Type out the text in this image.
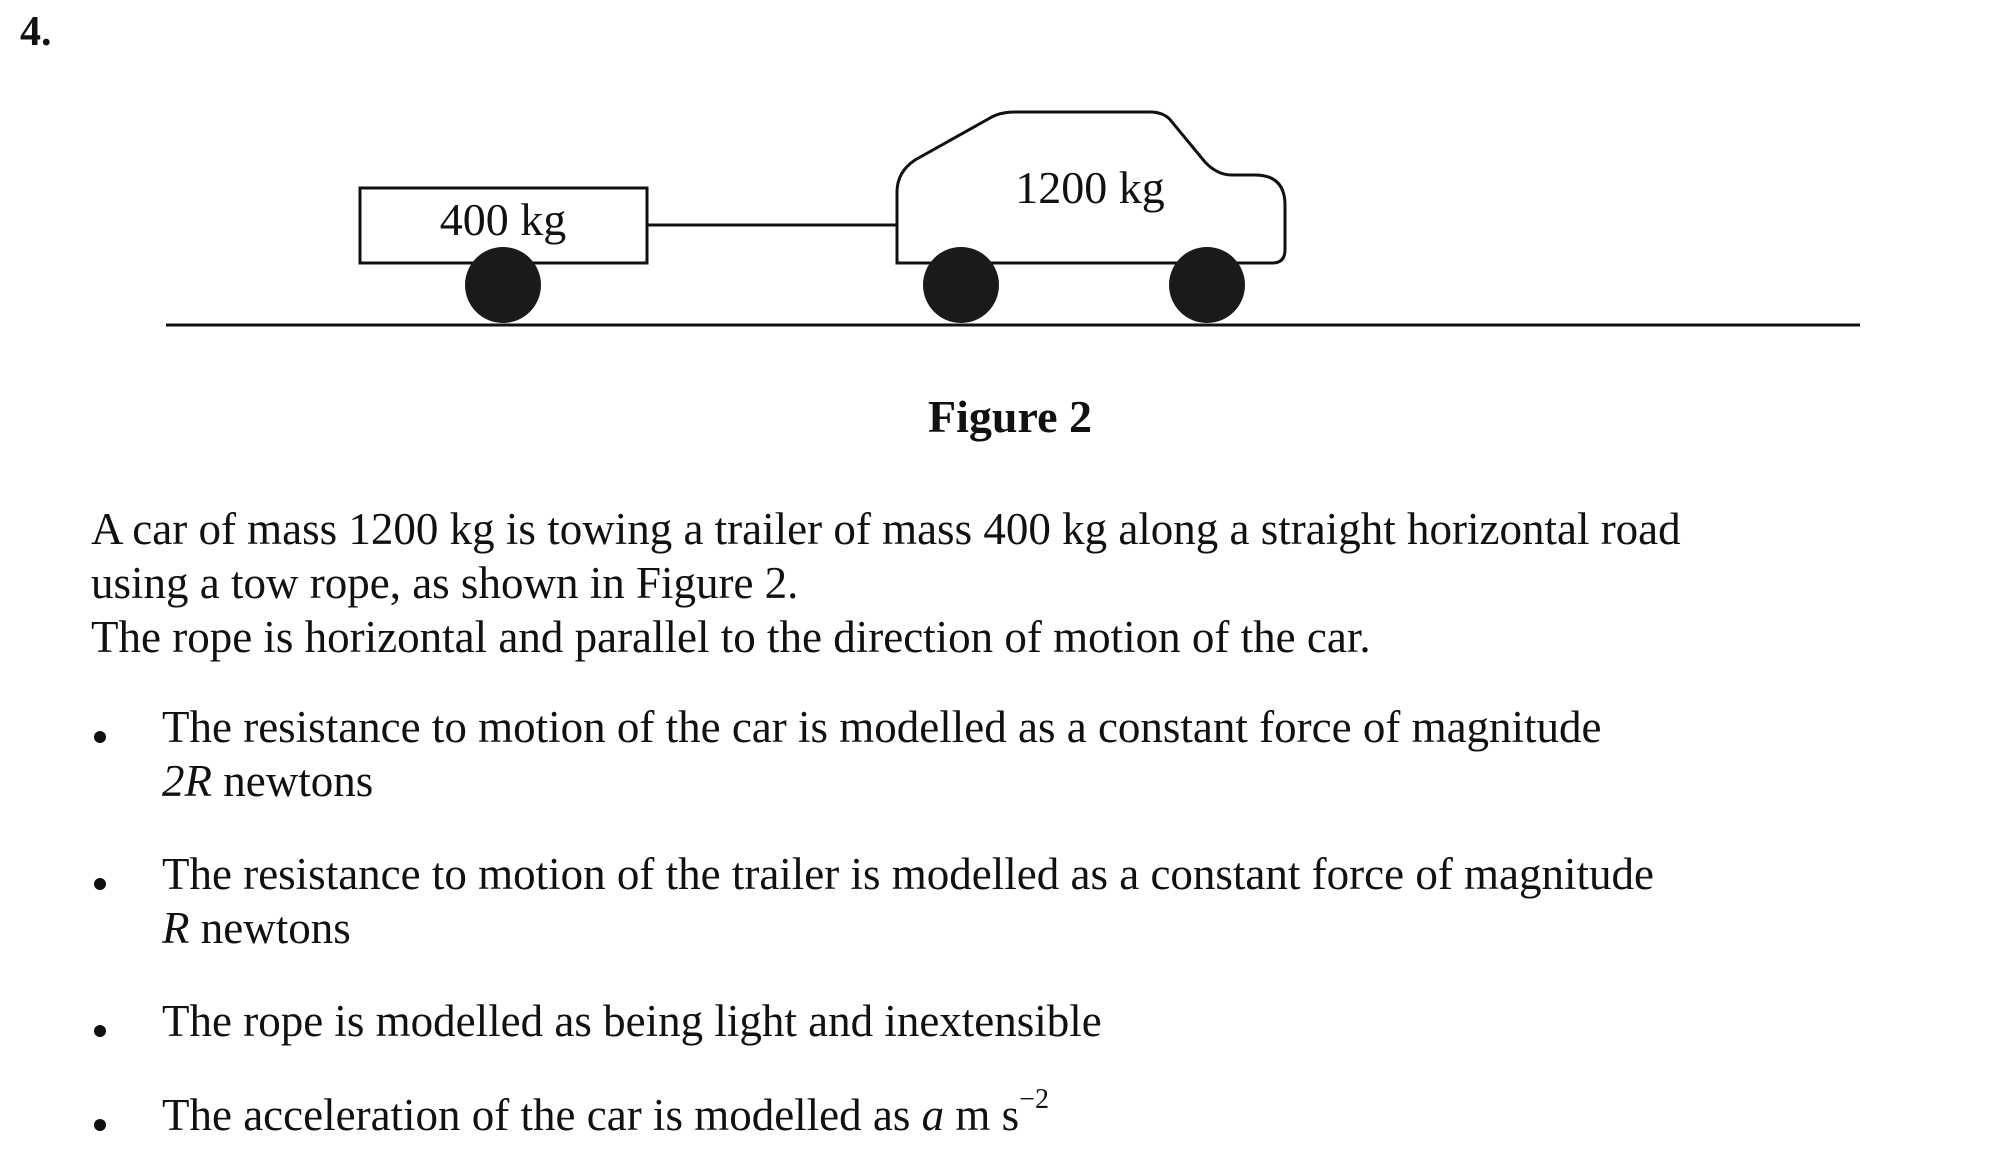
4.
400 kg
1200 kg
Figure 2

A car of mass 1200 kg is towing a trailer of mass 400 kg along a straight horizontal road using a tow rope, as shown in Figure 2.

The rope is horizontal and parallel to the direction of motion of the car.

The resistance to motion of the car is modelled as a constant force of magnitude
2R newtons
The resistance to motion of the trailer is modelled as a constant force of magnitude
R newtons
The rope is modelled as being light and inextensible
The acceleration of the car is modelled as a m $s^{-2}$
